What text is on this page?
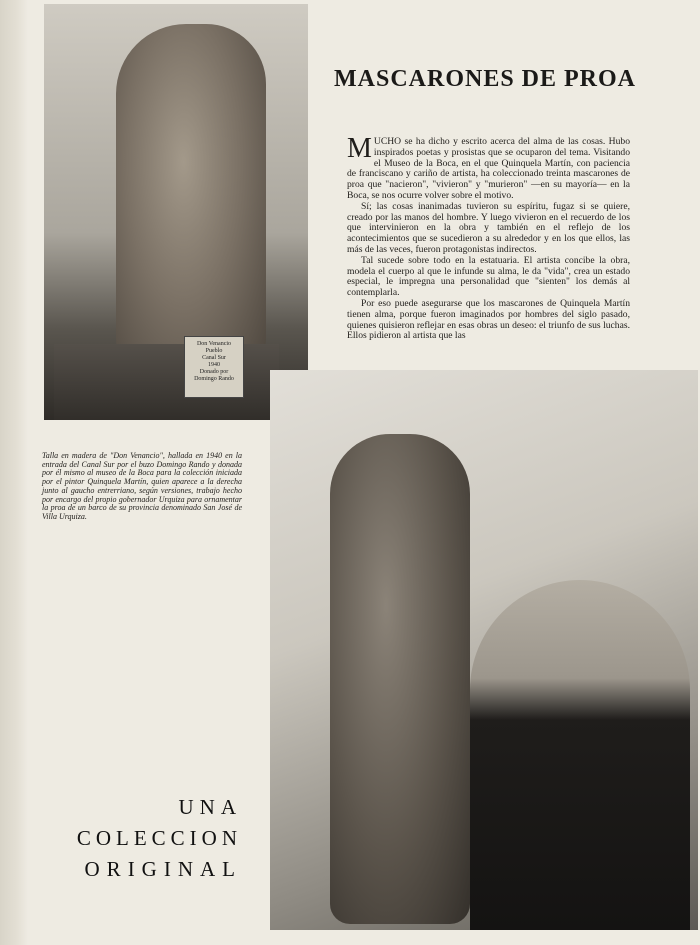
Don Venancio
Pueblo
Canal Sur
1940
Donado por
Domingo Rando
MASCARONES DE PROA

MUCHO se ha dicho y escrito acerca del alma de las cosas. Hubo inspirados poetas y prosistas que se ocuparon del tema. Visitando el Museo de la Boca, en el que Quinquela Martín, con paciencia de franciscano y cariño de artista, ha coleccionado treinta mascarones de proa que "nacieron", "vivieron" y "murieron" —en su mayoría— en la Boca, se nos ocurre volver sobre el motivo.

Sí; las cosas inanimadas tuvieron su espíritu, fugaz si se quiere, creado por las manos del hombre. Y luego vivieron en el recuerdo de los que intervinieron en la obra y también en el reflejo de los acontecimientos que se sucedieron a su alrededor y en los que ellos, las más de las veces, fueron protagonistas indirectos.

Tal sucede sobre todo en la estatuaria. El artista concibe la obra, modela el cuerpo al que le infunde su alma, le da "vida", crea un estado especial, le impregna una personalidad que "sienten" los demás al contemplarla.

Por eso puede asegurarse que los mascarones de Quinquela Martín tienen alma, porque fueron imaginados por hombres del siglo pasado, quienes quisieron reflejar en esas obras un deseo: el triunfo de sus luchas. Ellos pidieron al artista que las

Talla en madera de "Don Venancio", hallada en 1940 en la entrada del Canal Sur por el buzo Domingo Rando y donada por él mismo al museo de la Boca para la colección iniciada por el pintor Quinquela Martín, quien aparece a la derecha junto al gaucho entrerriano, según versiones, trabajo hecho por encargo del propio gobernador Urquiza para ornamentar la proa de un barco de su provincia denominado San José de Villa Urquiza.
UNA
COLECCION
ORIGINAL
